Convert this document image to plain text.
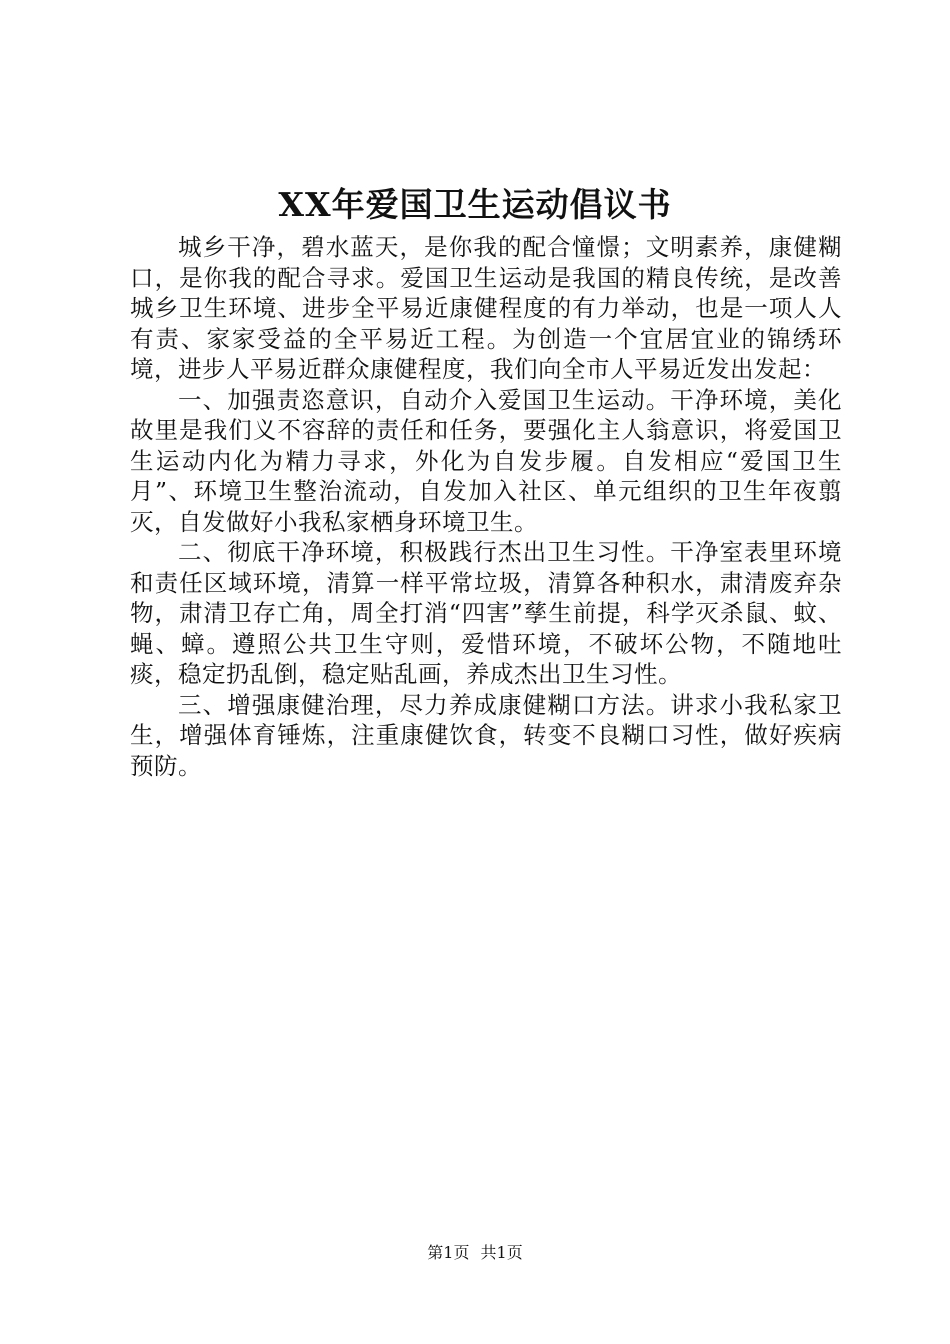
XX年爱国卫生运动倡议书

城乡干净，碧水蓝天，是你我的配合憧憬；文明素养，康健糊口，是你我的配合寻求。爱国卫生运动是我国的精良传统，是改善城乡卫生环境、进步全平易近康健程度的有力举动，也是一项人人有责、家家受益的全平易近工程。为创造一个宜居宜业的锦绣环境，进步人平易近群众康健程度，我们向全市人平易近发出发起：

一、加强责恣意识，自动介入爱国卫生运动。干净环境，美化故里是我们义不容辞的责任和任务，要强化主人翁意识，将爱国卫生运动内化为精力寻求，外化为自发步履。自发相应“爱国卫生月”、环境卫生整治流动，自发加入社区、单元组织的卫生年夜翦灭，自发做好小我私家栖身环境卫生。

二、彻底干净环境，积极践行杰出卫生习性。干净室表里环境和责任区域环境，清算一样平常垃圾，清算各种积水，肃清废弃杂物，肃清卫存亡角，周全打消“四害”孳生前提，科学灭杀鼠、蚊、蝇、蟑。遵照公共卫生守则，爱惜环境，不破坏公物，不随地吐痰，稳定扔乱倒，稳定贴乱画，养成杰出卫生习性。

三、增强康健治理，尽力养成康健糊口方法。讲求小我私家卫生，增强体育锤炼，注重康健饮食，转变不良糊口习性，做好疾病预防。

第1页 共1页
